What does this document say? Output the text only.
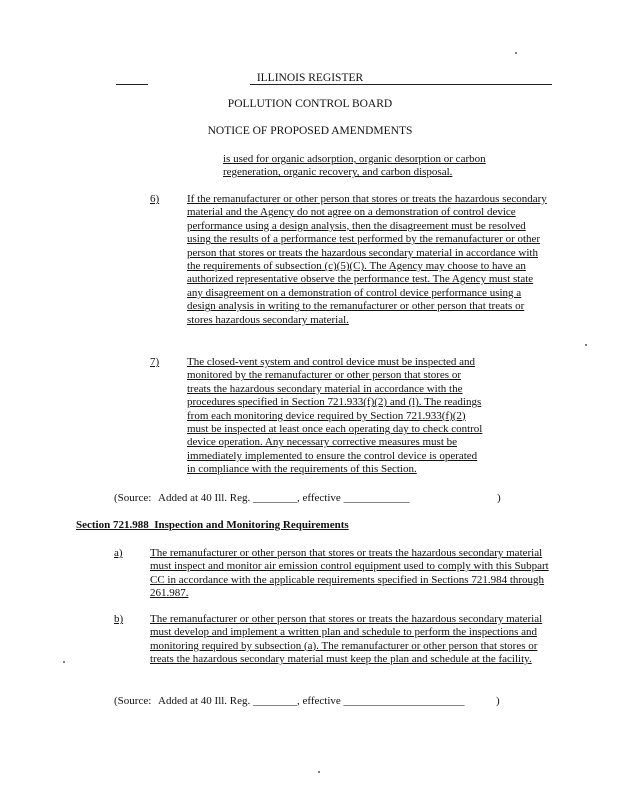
ILLINOIS REGISTER
POLLUTION CONTROL BOARD
NOTICE OF PROPOSED AMENDMENTS
is used for organic adsorption, organic desorption or carbon regeneration, organic recovery, and carbon disposal.
6)	If the remanufacturer or other person that stores or treats the hazardous secondary material and the Agency do not agree on a demonstration of control device performance using a design analysis, then the disagreement must be resolved using the results of a performance test performed by the remanufacturer or other person that stores or treats the hazardous secondary material in accordance with the requirements of subsection (c)(5)(C). The Agency may choose to have an authorized representative observe the performance test. The Agency must state any disagreement on a demonstration of control device performance using a design analysis in writing to the remanufacturer or other person that treats or stores hazardous secondary material.
7)	The closed-vent system and control device must be inspected and monitored by the remanufacturer or other person that stores or treats the hazardous secondary material in accordance with the procedures specified in Section 721.933(f)(2) and (l). The readings from each monitoring device required by Section 721.933(f)(2) must be inspected at least once each operating day to check control device operation. Any necessary corrective measures must be immediately implemented to ensure the control device is operated in compliance with the requirements of this Section.
(Source: Added at 40 Ill. Reg. ________, effective ____________	)
Section 721.988  Inspection and Monitoring Requirements
a) The remanufacturer or other person that stores or treats the hazardous secondary material must inspect and monitor air emission control equipment used to comply with this Subpart CC in accordance with the applicable requirements specified in Sections 721.984 through 261.987.
b) The remanufacturer or other person that stores or treats the hazardous secondary material must develop and implement a written plan and schedule to perform the inspections and monitoring required by subsection (a). The remanufacturer or other person that stores or treats the hazardous secondary material must keep the plan and schedule at the facility.
(Source: Added at 40 Ill. Reg. ________, effective ______________________	)
